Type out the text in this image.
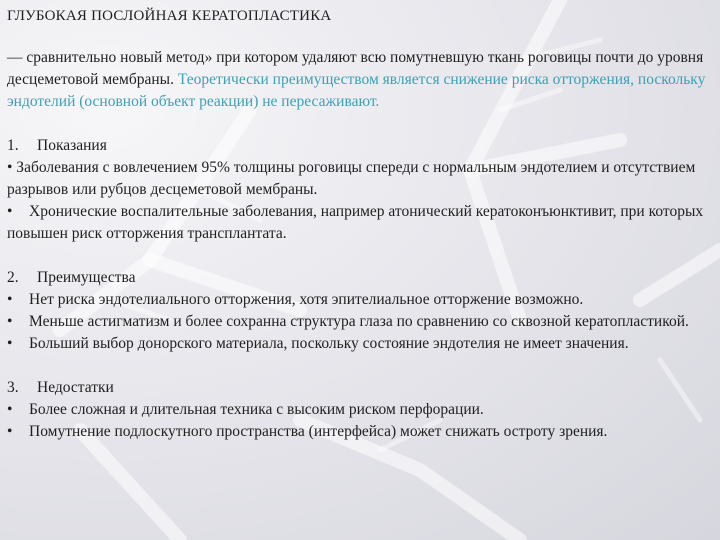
ГЛУБОКАЯ ПОСЛОЙНАЯ КЕРАТОПЛАСТИКА

— сравнительно новый метод» при котором удаляют всю помутневшую ткань роговицы почти до уровня десцеметовой мембраны. Теоретически преимуществом является снижение риска отторжения, поскольку эндотелий (основной объект реакции) не пересаживают.

1. Показания

• Заболевания с вовлечением 95% толщины роговицы спереди с нормальным эндотелием и отсутствием разрывов или рубцов десцеметовой мембраны.

• Хронические воспалительные заболевания, например атонический кератоконъюнктивит, при которых повышен риск отторжения трансплантата.

2. Преимущества

• Нет риска эндотелиального отторжения, хотя эпителиальное отторжение возможно.

• Меньше астигматизм и более сохранна структура глаза по сравнению со сквозной кератопластикой.

• Больший выбор донорского материала, поскольку состояние эндотелия не имеет значения.

3. Недостатки

• Более сложная и длительная техника с высоким риском перфорации.

• Помутнение подлоскутного пространства (интерфейса) может снижать остроту зрения.
